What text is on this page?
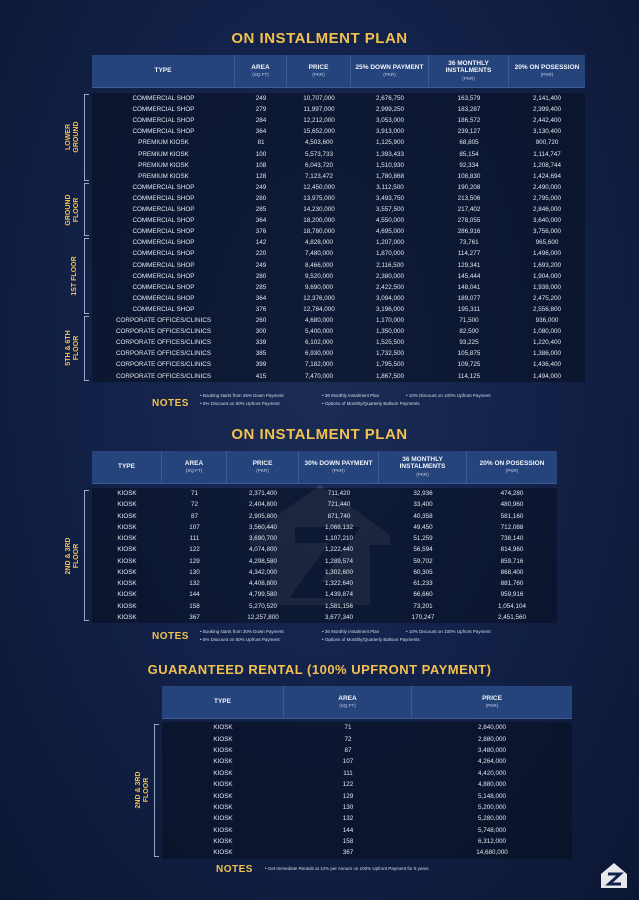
ON INSTALMENT PLAN
TYPE
AREA
(SQ.FT)
PRICE
(PKR)
25% DOWN PAYMENT
(PKR)
36 MONTHLY INSTALMENTS
(PKR)
20% ON POSESSION
(PKR)
COMMERCIAL SHOP	249	10,707,000	2,676,750	163,579	2,141,400
COMMERCIAL SHOP	279	11,997,000	2,999,250	183,287	2,399,400
COMMERCIAL SHOP	284	12,212,000	3,053,000	186,572	2,442,400
COMMERCIAL SHOP	364	15,652,000	3,913,000	239,127	3,130,400
PREMIUM KIOSK	81	4,503,600	1,125,900	68,805	900,720
PREMIUM KIOSK	100	5,573,733	1,393,433	85,154	1,114,747
PREMIUM KIOSK	108	6,043,720	1,510,930	92,334	1,208,744
PREMIUM KIOSK	128	7,123,472	1,780,868	108,830	1,424,694
LOWER GROUND
COMMERCIAL SHOP	249	12,450,000	3,112,500	190,208	2,490,000
COMMERCIAL SHOP	280	13,975,000	3,493,750	213,506	2,795,000
COMMERCIAL SHOP	285	14,230,000	3,557,500	217,402	2,846,000
COMMERCIAL SHOP	364	18,200,000	4,550,000	278,055	3,640,000
COMMERCIAL SHOP	376	18,780,000	4,695,000	286,916	3,756,000
GROUND FLOOR
COMMERCIAL SHOP	142	4,828,000	1,207,000	73,761	965,600
COMMERCIAL SHOP	220	7,480,000	1,870,000	114,277	1,496,000
COMMERCIAL SHOP	249	8,466,000	2,116,500	129,341	1,693,200
COMMERCIAL SHOP	280	9,520,000	2,380,000	145,444	1,904,000
COMMERCIAL SHOP	285	9,690,000	2,422,500	148,041	1,938,000
COMMERCIAL SHOP	364	12,376,000	3,094,000	189,077	2,475,200
COMMERCIAL SHOP	376	12,784,000	3,196,000	195,311	2,556,800
1ST FLOOR
CORPORATE OFFICES/CLINICS	260	4,680,000	1,170,000	71,500	936,000
CORPORATE OFFICES/CLINICS	300	5,400,000	1,350,000	82,500	1,080,000
CORPORATE OFFICES/CLINICS	339	6,102,000	1,525,500	93,225	1,220,400
CORPORATE OFFICES/CLINICS	385	6,930,000	1,732,500	105,875	1,386,000
CORPORATE OFFICES/CLINICS	399	7,182,000	1,795,500	109,725	1,436,400
CORPORATE OFFICES/CLINICS	415	7,470,000	1,867,500	114,125	1,494,000
5TH & 6TH FLOOR
NOTES
• Booking starts from 25% Down Payment	• 36 Monthly Instalment Plan	• 10% Discount on 100% Upfront Payment
• 5% Discount on 50% Upfront Payment	• Options of Monthly/Quarterly Balloon Payments
ON INSTALMENT PLAN
TYPE
AREA
(SQ.FT)
PRICE
(PKR)
30% DOWN PAYMENT
(PKR)
36 MONTHLY INSTALMENTS
(PKR)
20% ON POSESSION
(PKR)
KIOSK	71	2,371,400	711,420	32,936	474,280
KIOSK	72	2,404,800	721,440	33,400	480,960
KIOSK	87	2,905,800	871,740	40,358	581,160
KIOSK	107	3,560,440	1,068,132	49,450	712,088
KIOSK	111	3,690,700	1,107,210	51,259	738,140
KIOSK	122	4,074,800	1,222,440	56,594	814,960
KIOSK	129	4,298,580	1,289,574	59,702	859,716
KIOSK	130	4,342,000	1,302,600	60,305	868,400
KIOSK	132	4,408,800	1,322,640	61,233	881,760
KIOSK	144	4,799,580	1,439,874	66,660	959,916
KIOSK	158	5,270,520	1,581,156	73,201	1,054,104
KIOSK	367	12,257,800	3,677,340	170,247	2,451,560
2ND & 3RD FLOOR
NOTES • Booking starts from 30% Down Payment	• 36 Monthly Instalment Plan	• 10% Discount on 100% Upfront Payment
• 5% Discount on 50% Upfront Payment	• Options of Monthly/Quarterly Balloon Payments
GUARANTEED RENTAL (100% UPFRONT PAYMENT)
TYPE
AREA
(SQ.FT)
PRICE
(PKR)
KIOSK	71	2,840,000
KIOSK	72	2,880,000
KIOSK	87	3,480,000
KIOSK	107	4,264,000
KIOSK	111	4,420,000
KIOSK	122	4,880,000
KIOSK	129	5,148,000
KIOSK	130	5,200,000
KIOSK	132	5,280,000
KIOSK	144	5,748,000
KIOSK	158	6,312,000
KIOSK	367	14,680,000
2ND & 3RD FLOOR
NOTES	• Get Immediate Rentals at 12% per Annum on 100% Upfront Payment for 5 years
